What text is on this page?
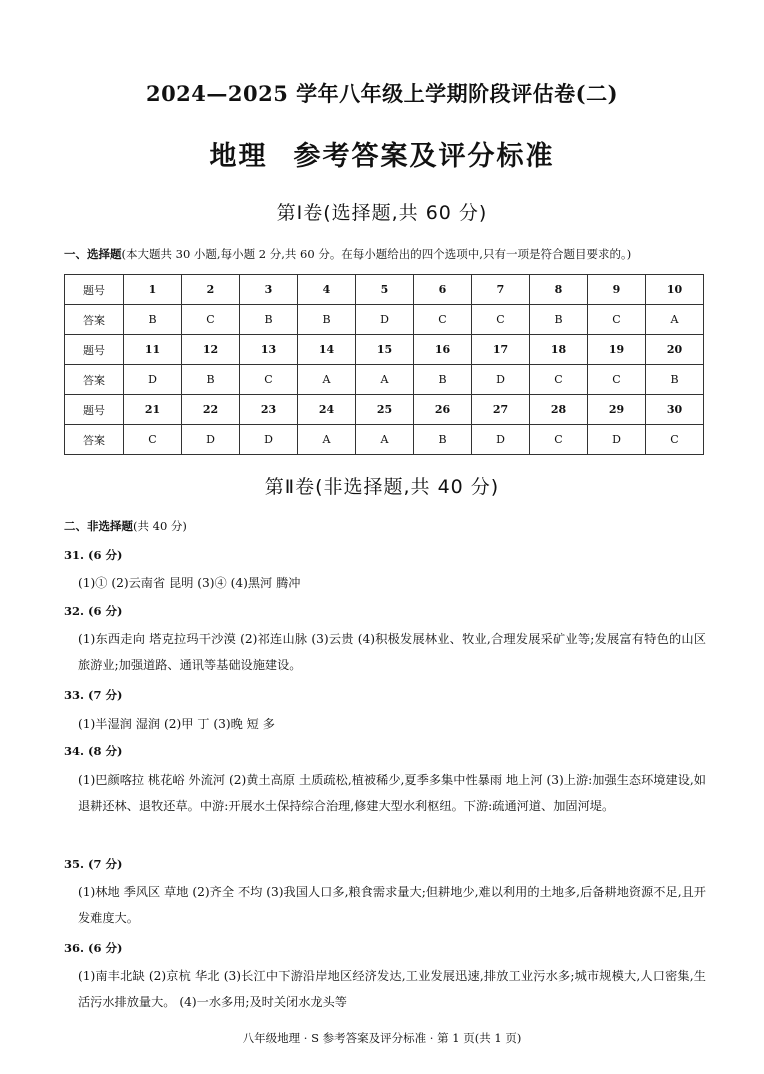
2024—2025 学年八年级上学期阶段评估卷(二)
地理 参考答案及评分标准
第Ⅰ卷(选择题,共 60 分)
一、选择题(本大题共 30 小题,每小题 2 分,共 60 分。在每小题给出的四个选项中,只有一项是符合题目要求的。)
题号	1	2	3	4	5	6	7	8	9	10
答案	B	C	B	B	D	C	C	B	C	A
题号	11	12	13	14	15	16	17	18	19	20
答案	D	B	C	A	A	B	D	C	C	B
题号	21	22	23	24	25	26	27	28	29	30
答案	C	D	D	A	A	B	D	C	D	C
第Ⅱ卷(非选择题,共 40 分)
二、非选择题(共 40 分)
31. (6 分)
(1)① (2)云南省 昆明 (3)④ (4)黑河 腾冲
32. (6 分)
(1)东西走向 塔克拉玛干沙漠 (2)祁连山脉 (3)云贵 (4)积极发展林业、牧业,合理发展采矿业等;发展富有特色的山区旅游业;加强道路、通讯等基础设施建设。
33. (7 分)
(1)半湿润 湿润 (2)甲 丁 (3)晚 短 多
34. (8 分)
(1)巴颜喀拉 桃花峪 外流河 (2)黄土高原 土质疏松,植被稀少,夏季多集中性暴雨 地上河 (3)上游:加强生态环境建设,如退耕还林、退牧还草。中游:开展水土保持综合治理,修建大型水利枢纽。下游:疏通河道、加固河堤。
35. (7 分)
(1)林地 季风区 草地 (2)齐全 不均 (3)我国人口多,粮食需求量大;但耕地少,难以利用的土地多,后备耕地资源不足,且开发难度大。
36. (6 分)
(1)南丰北缺 (2)京杭 华北 (3)长江中下游沿岸地区经济发达,工业发展迅速,排放工业污水多;城市规模大,人口密集,生活污水排放量大。 (4)一水多用;及时关闭水龙头等
八年级地理 · S 参考答案及评分标准 · 第 1 页(共 1 页)
